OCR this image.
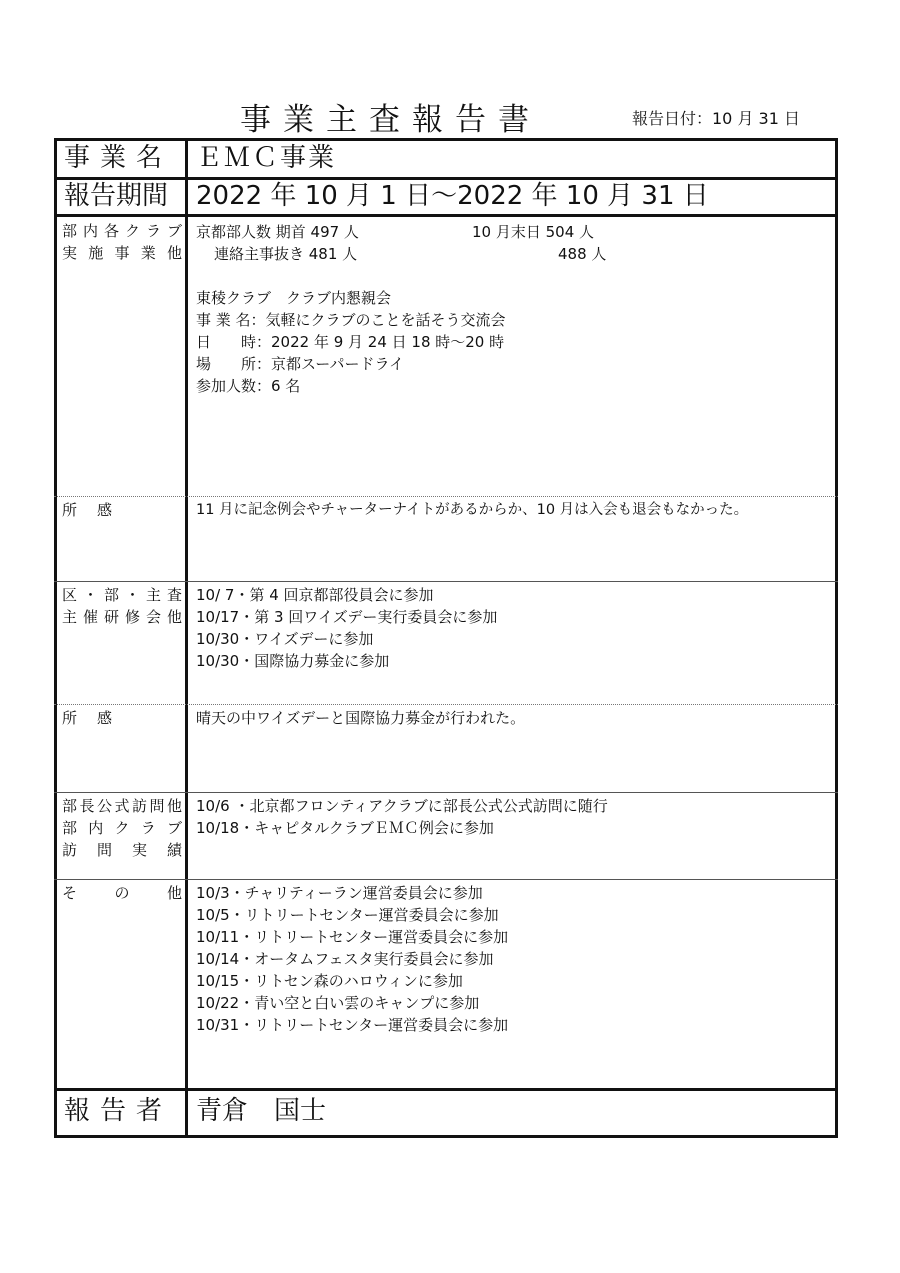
事業主査報告書	報告日付：10 月 31 日
事業名 ＥＭＣ事業
報告期間 2022 年 10 月 1 日～2022 年 10 月 31 日
部内各クラブ
実施事業他
京都部人数 期首 497 人	10 月末日 504 人
連絡主事抜き 481 人	488 人
東稜クラブ　クラブ内懇親会
事 業 名：気軽にクラブのことを話そう交流会
日　　時：2022 年 9 月 24 日 18 時～20 時
場　　所：京都スーパードライ
参加人数：6 名
所　感	11 月に記念例会やチャーターナイトがあるからか、10 月は入会も退会もなかった。
区・部・主査
主催研修会他
10/ 7・第 4 回京都部役員会に参加
10/17・第 3 回ワイズデー実行委員会に参加
10/30・ワイズデーに参加
10/30・国際協力募金に参加
所　感	晴天の中ワイズデーと国際協力募金が行われた。
部長公式訪問他
部内クラブ
訪問実績
10/6 ・北京都フロンティアクラブに部長公式公式訪問に随行
10/18・キャピタルクラブＥＭＣ例会に参加
その他 10/3・チャリティーラン運営委員会に参加
10/5・リトリートセンター運営委員会に参加
10/11・リトリートセンター運営委員会に参加
10/14・オータムフェスタ実行委員会に参加
10/15・リトセン森のハロウィンに参加
10/22・青い空と白い雲のキャンプに参加
10/31・リトリートセンター運営委員会に参加
報告者 青倉　国士
